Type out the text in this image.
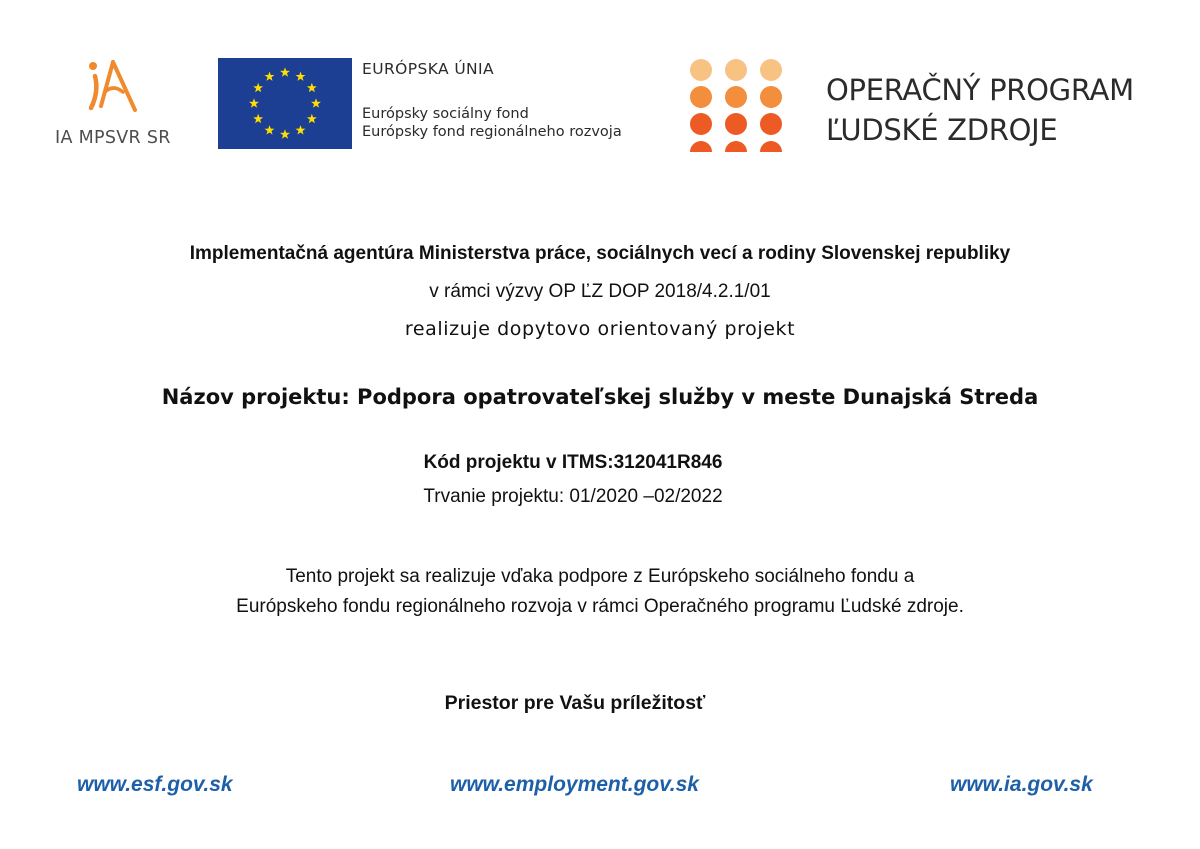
IA MPSVR SR
EURÓPSKA ÚNIA
Európsky sociálny fond
Európsky fond regionálneho rozvoja
OPERAČNÝ PROGRAM
ĽUDSKÉ ZDROJE
Implementačná agentúra Ministerstva práce, sociálnych vecí a rodiny Slovenskej republiky
v rámci výzvy OP ĽZ DOP 2018/4.2.1/01
realizuje dopytovo orientovaný projekt
Názov projektu: Podpora opatrovateľskej služby v meste Dunajská Streda
Kód projektu v ITMS:312041R846
Trvanie projektu: 01/2020 –02/2022
Tento projekt sa realizuje vďaka podpore z Európskeho sociálneho fondu a
Európskeho fondu regionálneho rozvoja v rámci Operačného programu Ľudské zdroje.
Priestor pre Vašu príležitosť
www.esf.gov.sk	www.employment.gov.sk	www.ia.gov.sk
